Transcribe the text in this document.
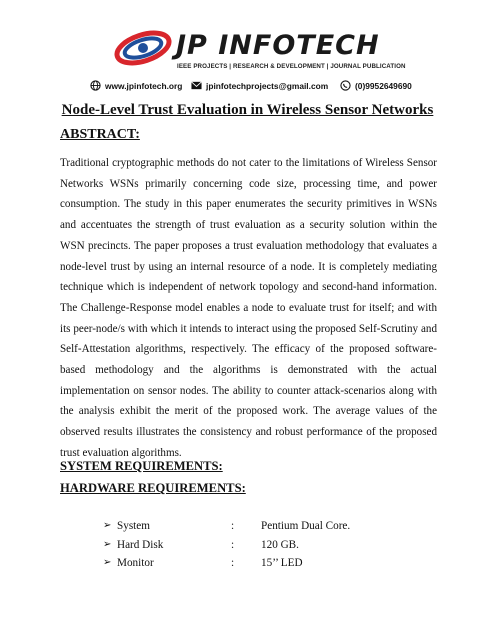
JP INFOTECH
IEEE PROJECTS | RESEARCH & DEVELOPMENT | JOURNAL PUBLICATION
www.jpinfotech.org	jpinfotechprojects@gmail.com	(0)9952649690
Node-Level Trust Evaluation in Wireless Sensor Networks
ABSTRACT:

Traditional cryptographic methods do not cater to the limitations of Wireless Sensor Networks WSNs primarily concerning code size, processing time, and power consumption. The study in this paper enumerates the security primitives in WSNs and accentuates the strength of trust evaluation as a security solution within the WSN precincts. The paper proposes a trust evaluation methodology that evaluates a node-level trust by using an internal resource of a node. It is completely mediating technique which is independent of network topology and second-hand information. The Challenge-Response model enables a node to evaluate trust for itself; and with its peer-node/s with which it intends to interact using the proposed Self-Scrutiny and Self-Attestation algorithms, respectively. The efficacy of the proposed software-based methodology and the algorithms is demonstrated with the actual implementation on sensor nodes. The ability to counter attack-scenarios along with the analysis exhibit the merit of the proposed work. The average values of the observed results illustrates the consistency and robust performance of the proposed trust evaluation algorithms.

SYSTEM REQUIREMENTS:
HARDWARE REQUIREMENTS:
➢ System	: Pentium Dual Core.
➢ Hard Disk	: 120 GB.
➢ Monitor	: 15’’ LED
